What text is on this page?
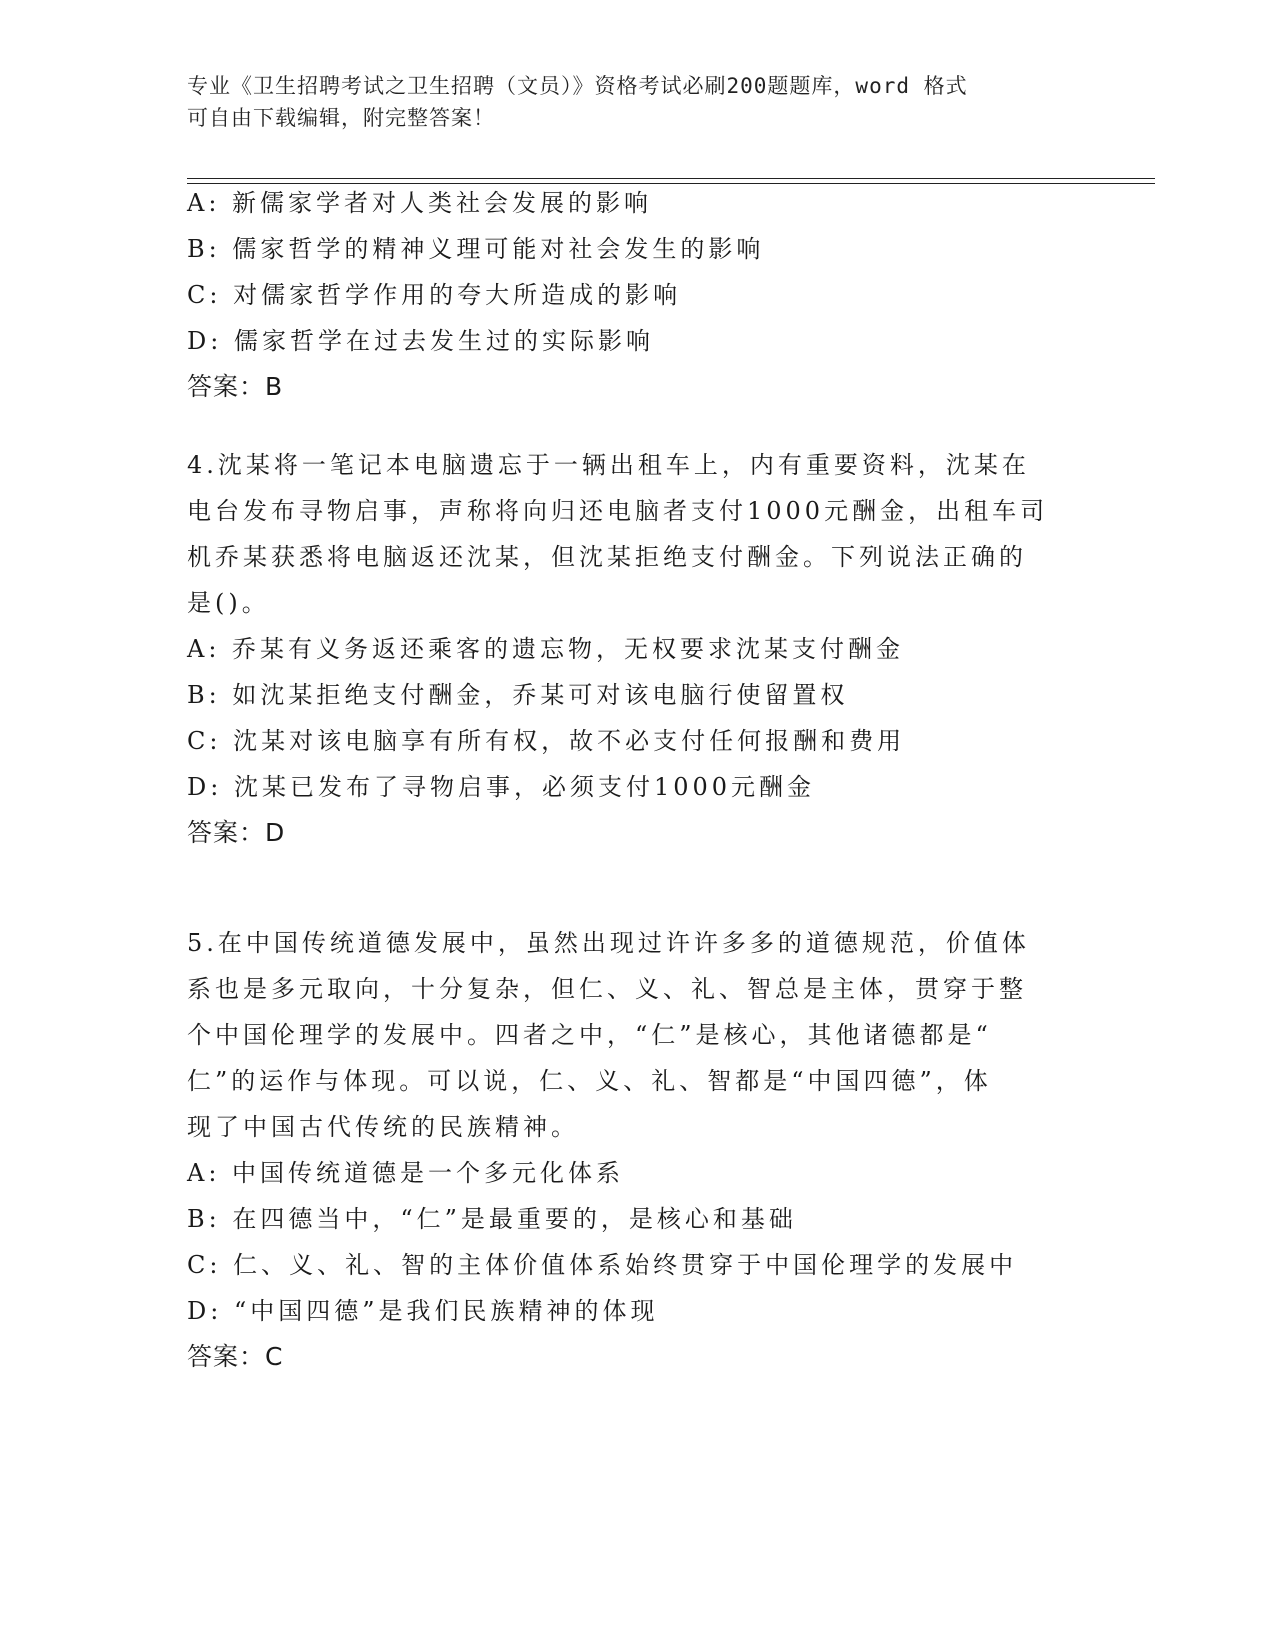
专业《卫生招聘考试之卫生招聘（文员）》资格考试必刷200题题库，word 格式
可自由下载编辑，附完整答案！
A: 新儒家学者对人类社会发展的影响
B: 儒家哲学的精神义理可能对社会发生的影响
C: 对儒家哲学作用的夸大所造成的影响
D: 儒家哲学在过去发生过的实际影响
答案：B
4.沈某将一笔记本电脑遗忘于一辆出租车上，内有重要资料，沈某在
电台发布寻物启事，声称将向归还电脑者支付1000元酬金，出租车司
机乔某获悉将电脑返还沈某，但沈某拒绝支付酬金。下列说法正确的
是()。
A: 乔某有义务返还乘客的遗忘物，无权要求沈某支付酬金
B: 如沈某拒绝支付酬金，乔某可对该电脑行使留置权
C: 沈某对该电脑享有所有权，故不必支付任何报酬和费用
D: 沈某已发布了寻物启事，必须支付1000元酬金
答案：D
5.在中国传统道德发展中，虽然出现过许许多多的道德规范，价值体
系也是多元取向，十分复杂，但仁、义、礼、智总是主体，贯穿于整
个中国伦理学的发展中。四者之中，“仁”是核心，其他诸德都是“
仁”的运作与体现。可以说，仁、义、礼、智都是“中国四德”，体
现了中国古代传统的民族精神。
A: 中国传统道德是一个多元化体系
B: 在四德当中，“仁”是最重要的，是核心和基础
C: 仁、义、礼、智的主体价值体系始终贯穿于中国伦理学的发展中
D: “中国四德”是我们民族精神的体现
答案：C
